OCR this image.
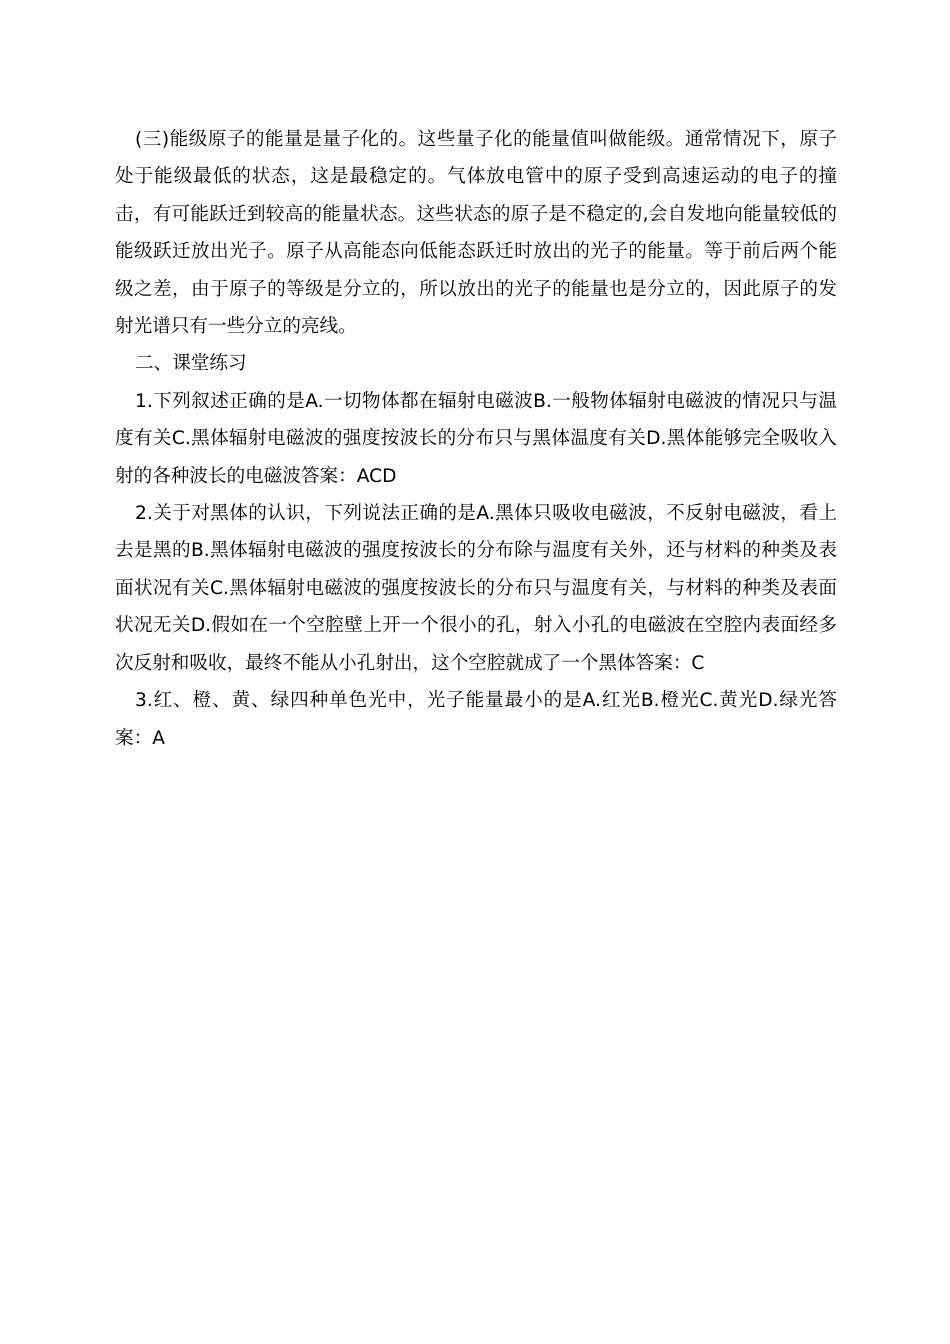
(三)能级原子的能量是量子化的。这些量子化的能量值叫做能级。通常情况下，原子处于能级最低的状态，这是最稳定的。气体放电管中的原子受到高速运动的电子的撞击，有可能跃迁到较高的能量状态。这些状态的原子是不稳定的,会自发地向能量较低的能级跃迁放出光子。原子从高能态向低能态跃迁时放出的光子的能量。等于前后两个能级之差，由于原子的等级是分立的，所以放出的光子的能量也是分立的，因此原子的发射光谱只有一些分立的亮线。

二、课堂练习

1.下列叙述正确的是A.一切物体都在辐射电磁波B.一般物体辐射电磁波的情况只与温度有关C.黑体辐射电磁波的强度按波长的分布只与黑体温度有关D.黑体能够完全吸收入射的各种波长的电磁波答案：ACD

2.关于对黑体的认识，下列说法正确的是A.黑体只吸收电磁波，不反射电磁波，看上去是黑的B.黑体辐射电磁波的强度按波长的分布除与温度有关外，还与材料的种类及表面状况有关C.黑体辐射电磁波的强度按波长的分布只与温度有关，与材料的种类及表面状况无关D.假如在一个空腔壁上开一个很小的孔，射入小孔的电磁波在空腔内表面经多次反射和吸收，最终不能从小孔射出，这个空腔就成了一个黑体答案：C

3.红、橙、黄、绿四种单色光中，光子能量最小的是A.红光B.橙光C.黄光D.绿光答案：A
